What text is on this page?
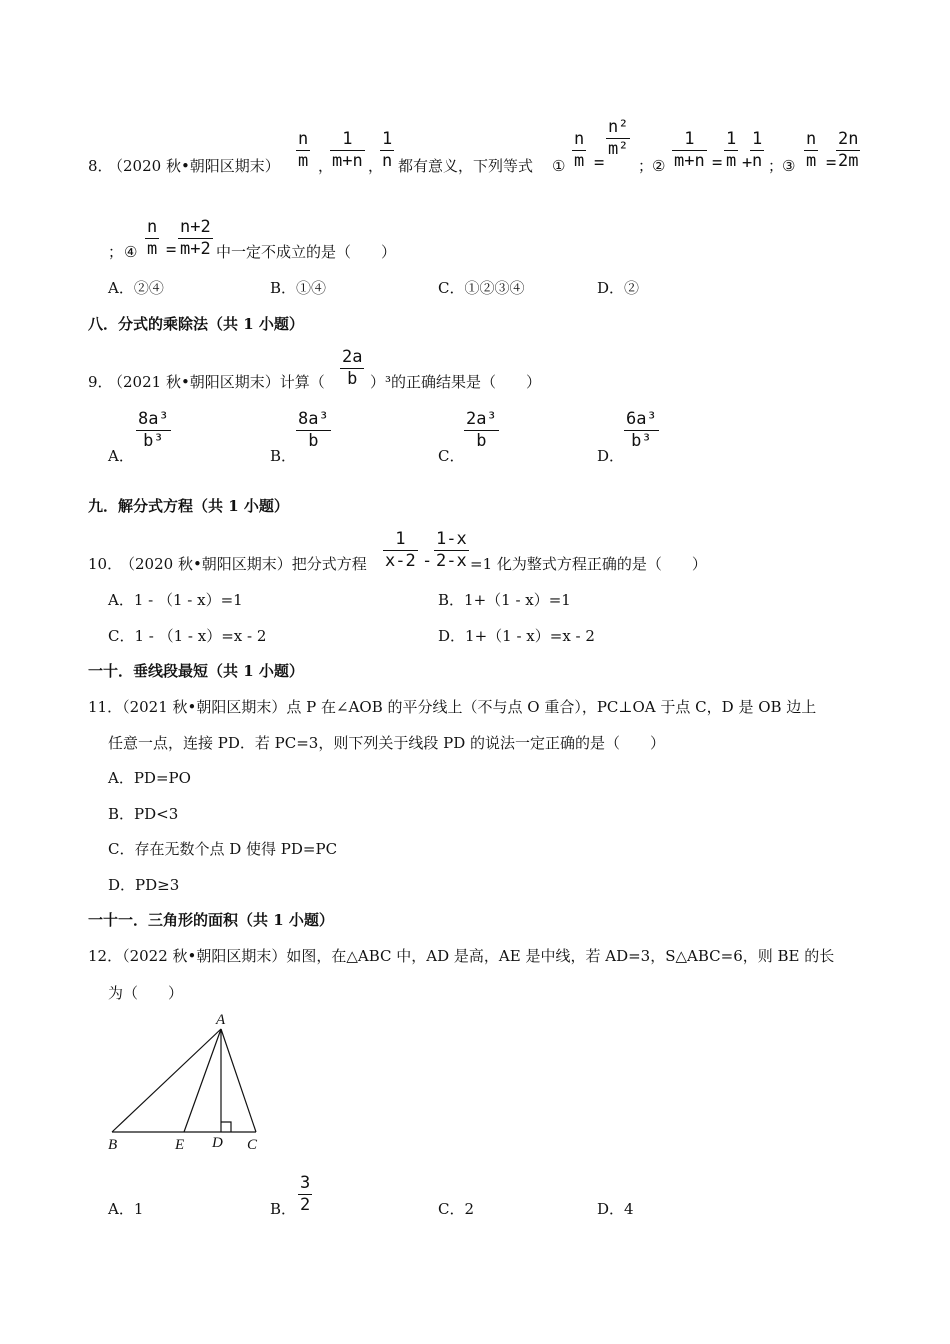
8．
（2020 秋•朝阳区期末）
n
m ，
1
m+n ，
1
n 都有意义，下列等式 ①
n
m =
n²
m²
；
②
1
m+n =
1
m +
1
n ；
③
n
m =
2n
2m
； ④
n
m =
n+2
m+2 中一定不成立的是（　　）
A．②④	B．①④	C．①②③④	D．②
八．分式的乘除法（共 1 小题）
9．
（2021 秋•朝阳区期末）计算（
2a
b ）³的正确结果是（　　）
A．
8a³
b³
B．
8a³
b
C．
2a³
b
D．
6a³
b³
九．解分式方程（共 1 小题）
10．
（2020 秋•朝阳区期末）把分式方程
1
x-2 -
1-x
2-x =1 化为整式方程正确的是（　　）
A．1 - （1 - x）=1	B．1+（1 - x）=1
C．1 - （1 - x）=x - 2	D．1+（1 - x）=x - 2
一十．垂线段最短（共 1 小题）
11．（2021 秋•朝阳区期末）点 P 在∠AOB 的平分线上（不与点 O 重合），PC⊥OA 于点 C，D 是 OB 边上
任意一点，连接 PD．若 PC=3，则下列关于线段 PD 的说法一定正确的是（　　）
A．PD=PO
B．PD<3
C．存在无数个点 D 使得 PD=PC
D．PD≥3
一十一．三角形的面积（共 1 小题）
12．（2022 秋•朝阳区期末）如图，在△ABC 中，AD 是高，AE 是中线，若 AD=3，S△ABC=6，则 BE 的长
为（　　）
A
B	E D C
A．1	B．
3
2	C．2	D．4
